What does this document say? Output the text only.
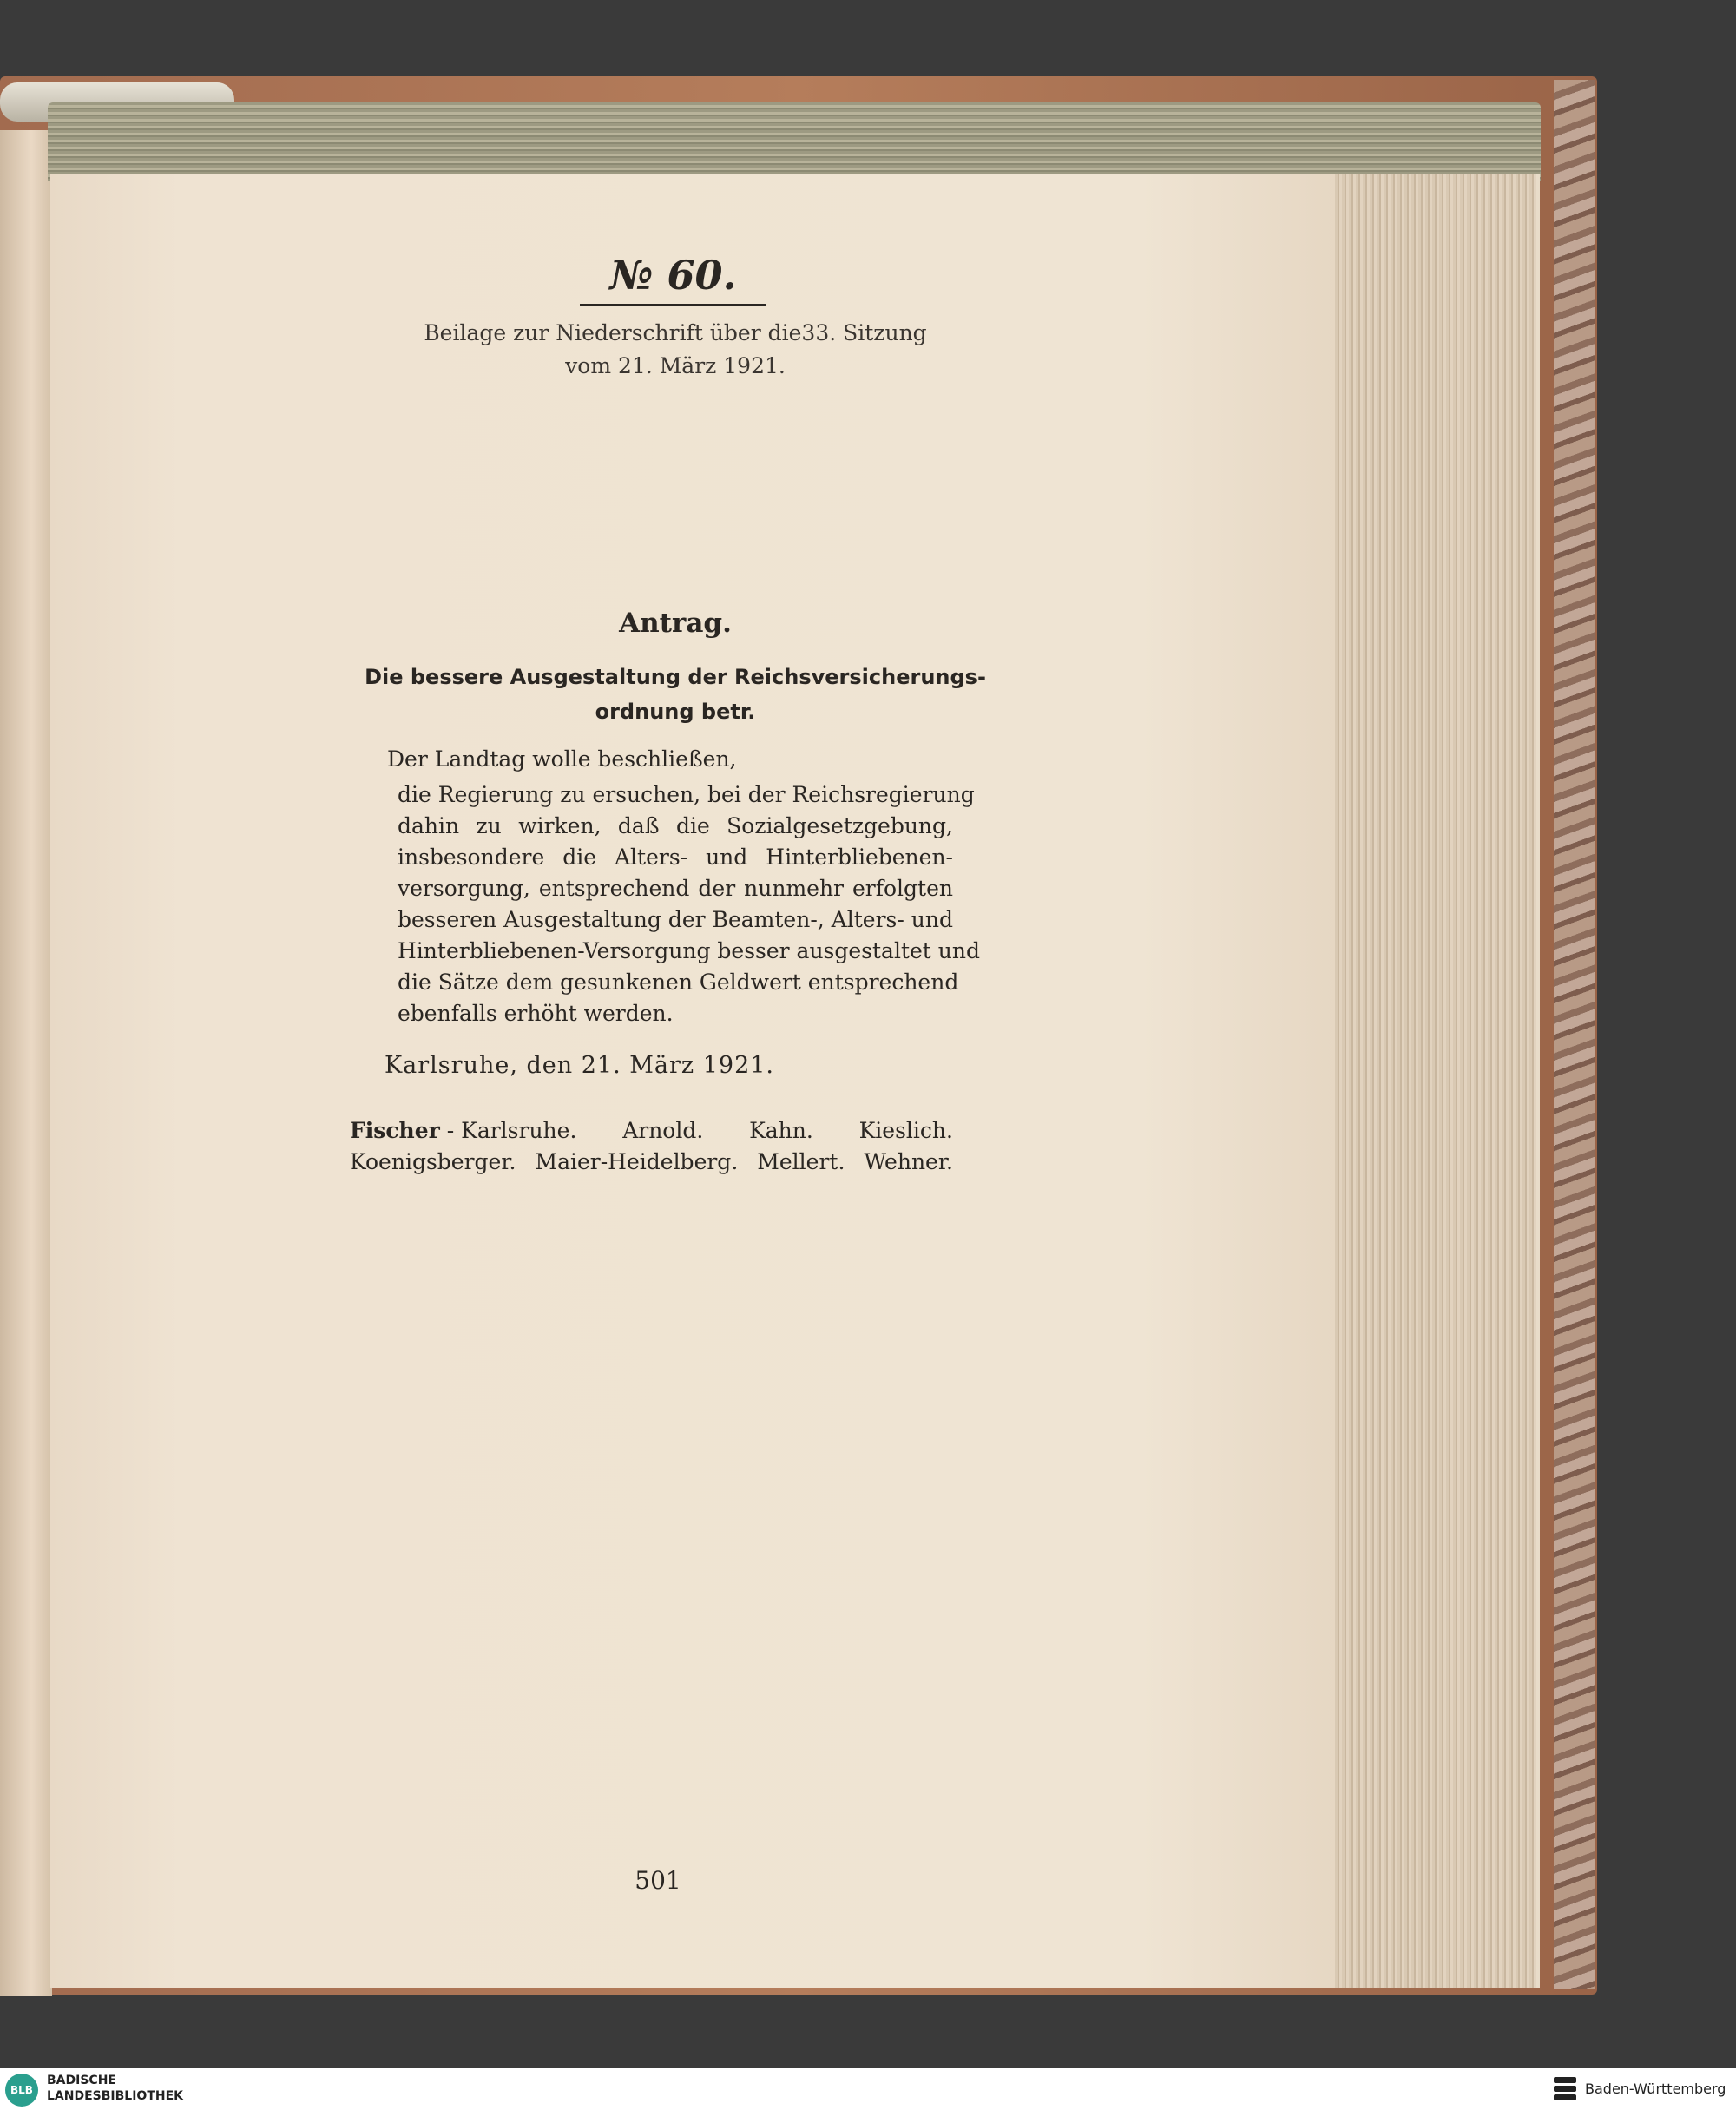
№ 60.
Beilage zur Niederschrift über die33. Sitzung
vom 21. März 1921.
Antrag.
Die bessere Ausgestaltung der Reichsversicherungs-
ordnung betr.
Der Landtag wolle beschließen,
die Regierung zu ersuchen, bei der Reichsregierung
dahin zu wirken, daß die Sozialgesetzgebung,
insbesondere die Alters- und Hinterbliebenen-
versorgung, entsprechend der nunmehr erfolgten
besseren Ausgestaltung der Beamten-, Alters- und
Hinterbliebenen-Versorgung besser ausgestaltet und
die Sätze dem gesunkenen Geldwert entsprechend
ebenfalls erhöht werden.
Karlsruhe, den 21. März 1921.
Fischer - Karlsruhe. Arnold. Kahn. Kieslich.
Koenigsberger. Maier-Heidelberg. Mellert. Wehner.
501
BLB
BADISCHE
LANDESBIBLIOTHEK	Baden-Württemberg
